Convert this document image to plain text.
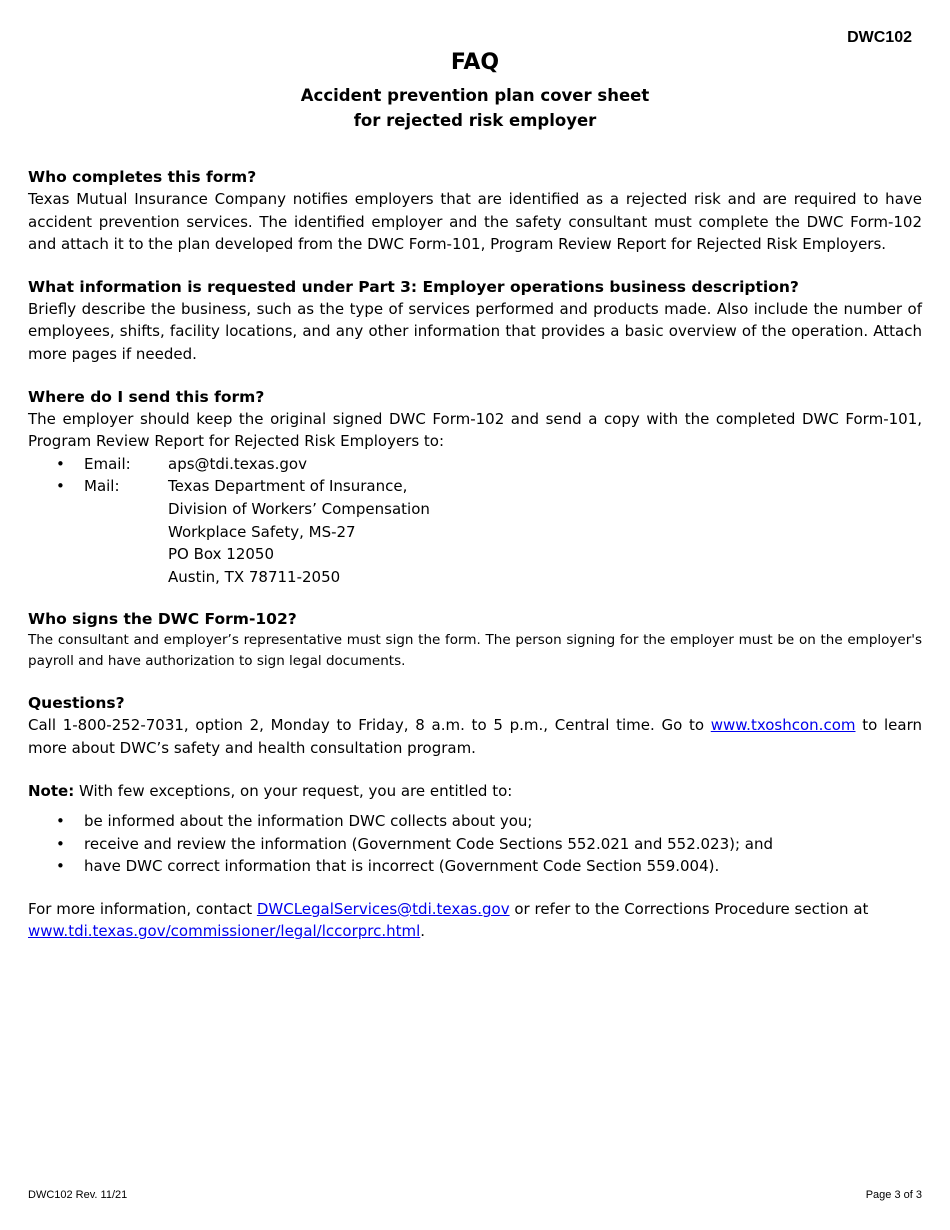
DWC102
FAQ
Accident prevention plan cover sheet
for rejected risk employer

Who completes this form?

Texas Mutual Insurance Company notifies employers that are identified as a rejected risk and are required to have accident prevention services. The identified employer and the safety consultant must complete the DWC Form-102 and attach it to the plan developed from the DWC Form-101, Program Review Report for Rejected Risk Employers.

What information is requested under Part 3: Employer operations business description?

Briefly describe the business, such as the type of services performed and products made. Also include the number of employees, shifts, facility locations, and any other information that provides a basic overview of the operation. Attach more pages if needed.

Where do I send this form?

The employer should keep the original signed DWC Form-102 and send a copy with the completed DWC Form-101, Program Review Report for Rejected Risk Employers to:

• Email:	aps@tdi.texas.gov
• Mail:	Texas Department of Insurance,
Division of Workers’ Compensation
Workplace Safety, MS-27
PO Box 12050
Austin, TX 78711-2050

Who signs the DWC Form-102?

The consultant and employer’s representative must sign the form. The person signing for the employer must be on the employer's payroll and have authorization to sign legal documents.

Questions?

Call 1-800-252-7031, option 2, Monday to Friday, 8 a.m. to 5 p.m., Central time. Go to www.txoshcon.com to learn more about DWC’s safety and health consultation program.

Note: With few exceptions, on your request, you are entitled to:

• be informed about the information DWC collects about you;
• receive and review the information (Government Code Sections 552.021 and 552.023); and
• have DWC correct information that is incorrect (Government Code Section 559.004).

For more information, contact DWCLegalServices@tdi.texas.gov or refer to the Corrections Procedure section at www.tdi.texas.gov/commissioner/legal/lccorprc.html.

DWC102 Rev. 11/21	Page 3 of 3
